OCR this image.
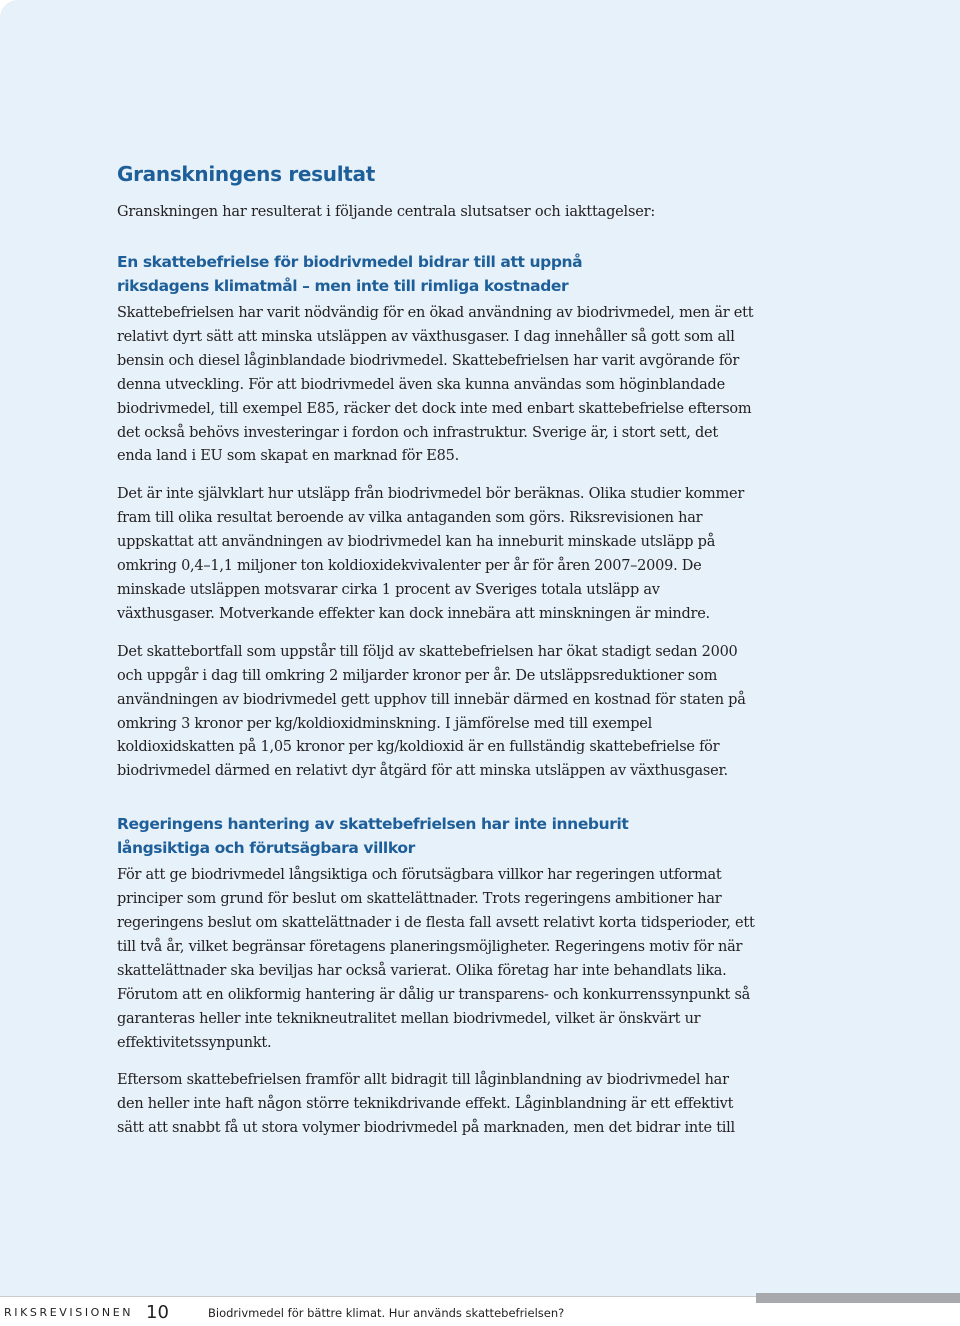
Granskningens resultat

Granskningen har resulterat i följande centrala slutsatser och iakttagelser:

En skattebefrielse för biodrivmedel bidrar till att uppnå
riksdagens klimatmål – men inte till rimliga kostnader

Skattebefrielsen har varit nödvändig för en ökad användning av biodrivmedel, men är ett relativt dyrt sätt att minska utsläppen av växthusgaser. I dag innehåller så gott som all bensin och diesel låginblandade biodrivmedel. Skattebefrielsen har varit avgörande för denna utveckling. För att biodrivmedel även ska kunna användas som höginblandade biodrivmedel, till exempel E85, räcker det dock inte med enbart skattebefrielse eftersom det också behövs investeringar i fordon och infrastruktur. Sverige är, i stort sett, det enda land i EU som skapat en marknad för E85.

Det är inte självklart hur utsläpp från biodrivmedel bör beräknas. Olika studier kommer fram till olika resultat beroende av vilka antaganden som görs. Riksrevisionen har uppskattat att användningen av biodrivmedel kan ha inneburit minskade utsläpp på omkring 0,4–1,1 miljoner ton koldioxidekvivalenter per år för åren 2007–2009. De minskade utsläppen motsvarar cirka 1 procent av Sveriges totala utsläpp av växthusgaser. Motverkande effekter kan dock innebära att minskningen är mindre.

Det skattebortfall som uppstår till följd av skattebefrielsen har ökat stadigt sedan 2000 och uppgår i dag till omkring 2 miljarder kronor per år. De utsläppsreduktioner som användningen av biodrivmedel gett upphov till innebär därmed en kostnad för staten på omkring 3 kronor per kg/koldioxidminskning. I jämförelse med till exempel koldioxidskatten på 1,05 kronor per kg/koldioxid är en fullständig skattebefrielse för biodrivmedel därmed en relativt dyr åtgärd för att minska utsläppen av växthusgaser.

Regeringens hantering av skattebefrielsen har inte inneburit
långsiktiga och förutsägbara villkor

För att ge biodrivmedel långsiktiga och förutsägbara villkor har regeringen utformat principer som grund för beslut om skattelättnader. Trots regeringens ambitioner har regeringens beslut om skattelättnader i de flesta fall avsett relativt korta tidsperioder, ett till två år, vilket begränsar företagens planeringsmöjligheter. Regeringens motiv för när skattelättnader ska beviljas har också varierat. Olika företag har inte behandlats lika. Förutom att en olikformig hantering är dålig ur transparens- och konkurrenssynpunkt så garanteras heller inte teknikneutralitet mellan biodrivmedel, vilket är önskvärt ur effektivitetssynpunkt.

Eftersom skattebefrielsen framför allt bidragit till låginblandning av biodrivmedel har den heller inte haft någon större teknikdrivande effekt. Låginblandning är ett effektivt sätt att snabbt få ut stora volymer biodrivmedel på marknaden, men det bidrar inte till

RIKSREVISIONEN 10	Biodrivmedel för bättre klimat. Hur används skattebefrielsen?
